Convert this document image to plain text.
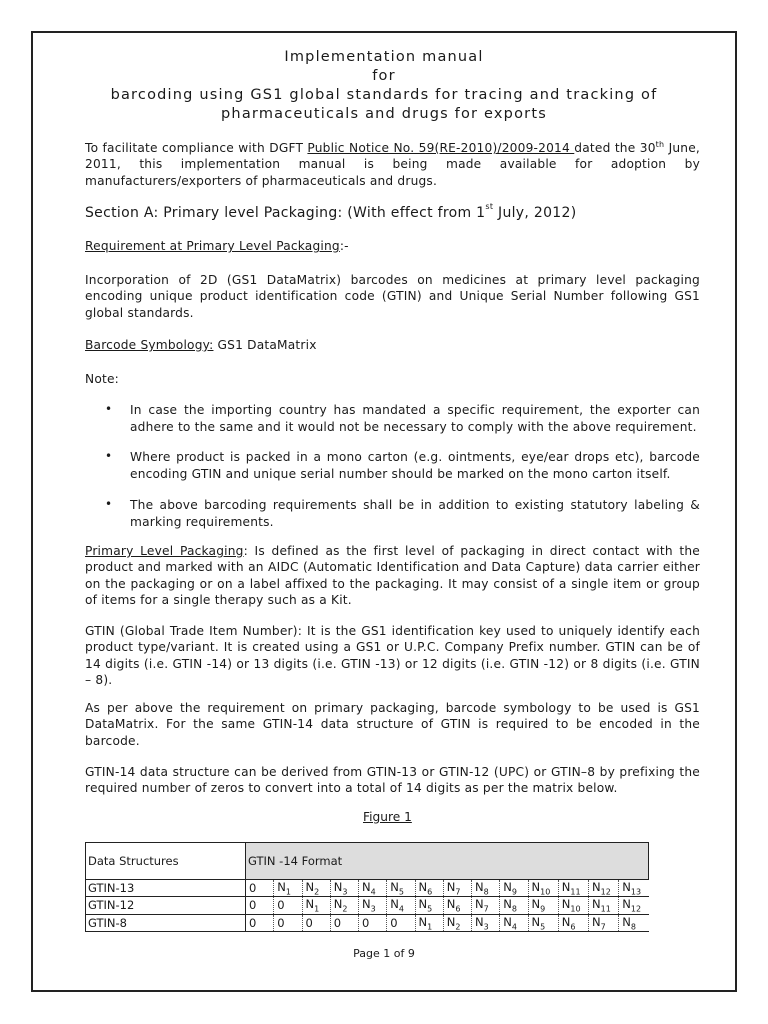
Implementation manual
for
barcoding using GS1 global standards for tracing and tracking of
pharmaceuticals and drugs for exports
To facilitate compliance with DGFT Public Notice No. 59(RE-2010)/2009-2014 dated the 30th June, 2011, this implementation manual is being made available for adoption by manufacturers/exporters of pharmaceuticals and drugs.
Section A: Primary level Packaging: (With effect from 1st July, 2012)
Requirement at Primary Level Packaging:-
Incorporation of 2D (GS1 DataMatrix) barcodes on medicines at primary level packaging encoding unique product identification code (GTIN) and Unique Serial Number following GS1 global standards.
Barcode Symbology: GS1 DataMatrix
Note:
• In case the importing country has mandated a specific requirement, the exporter can adhere to the same and it would not be necessary to comply with the above requirement.
• Where product is packed in a mono carton (e.g. ointments, eye/ear drops etc), barcode encoding GTIN and unique serial number should be marked on the mono carton itself.
• The above barcoding requirements shall be in addition to existing statutory labeling & marking requirements.
Primary Level Packaging: Is defined as the first level of packaging in direct contact with the product and marked with an AIDC (Automatic Identification and Data Capture) data carrier either on the packaging or on a label affixed to the packaging. It may consist of a single item or group of items for a single therapy such as a Kit.
GTIN (Global Trade Item Number): It is the GS1 identification key used to uniquely identify each product type/variant. It is created using a GS1 or U.P.C. Company Prefix number. GTIN can be of 14 digits (i.e. GTIN -14) or 13 digits (i.e. GTIN -13) or 12 digits (i.e. GTIN -12) or 8 digits (i.e. GTIN – 8).
As per above the requirement on primary packaging, barcode symbology to be used is GS1 DataMatrix. For the same GTIN-14 data structure of GTIN is required to be encoded in the barcode.
GTIN-14 data structure can be derived from GTIN-13 or GTIN-12 (UPC) or GTIN–8 by prefixing the required number of zeros to convert into a total of 14 digits as per the matrix below.
Figure 1
Data Structures	GTIN -14 Format													
GTIN-13	0	$N_1$	$N_2$	$N_3$	$N_4$	$N_5$	$N_6$	$N_7$	$N_8$	$N_9$	$N_{10}$	$N_{11}$	$N_{12}$	$N_{13}$
GTIN-12	0	0	$N_1$	$N_2$	$N_3$	$N_4$	$N_5$	$N_6$	$N_7$	$N_8$	$N_9$	$N_{10}$	$N_{11}$	$N_{12}$
GTIN-8	0	0	0	0	0	0	$N_1$	$N_2$	$N_3$	$N_4$	$N_5$	$N_6$	$N_7$	$N_8$
Page 1 of 9
